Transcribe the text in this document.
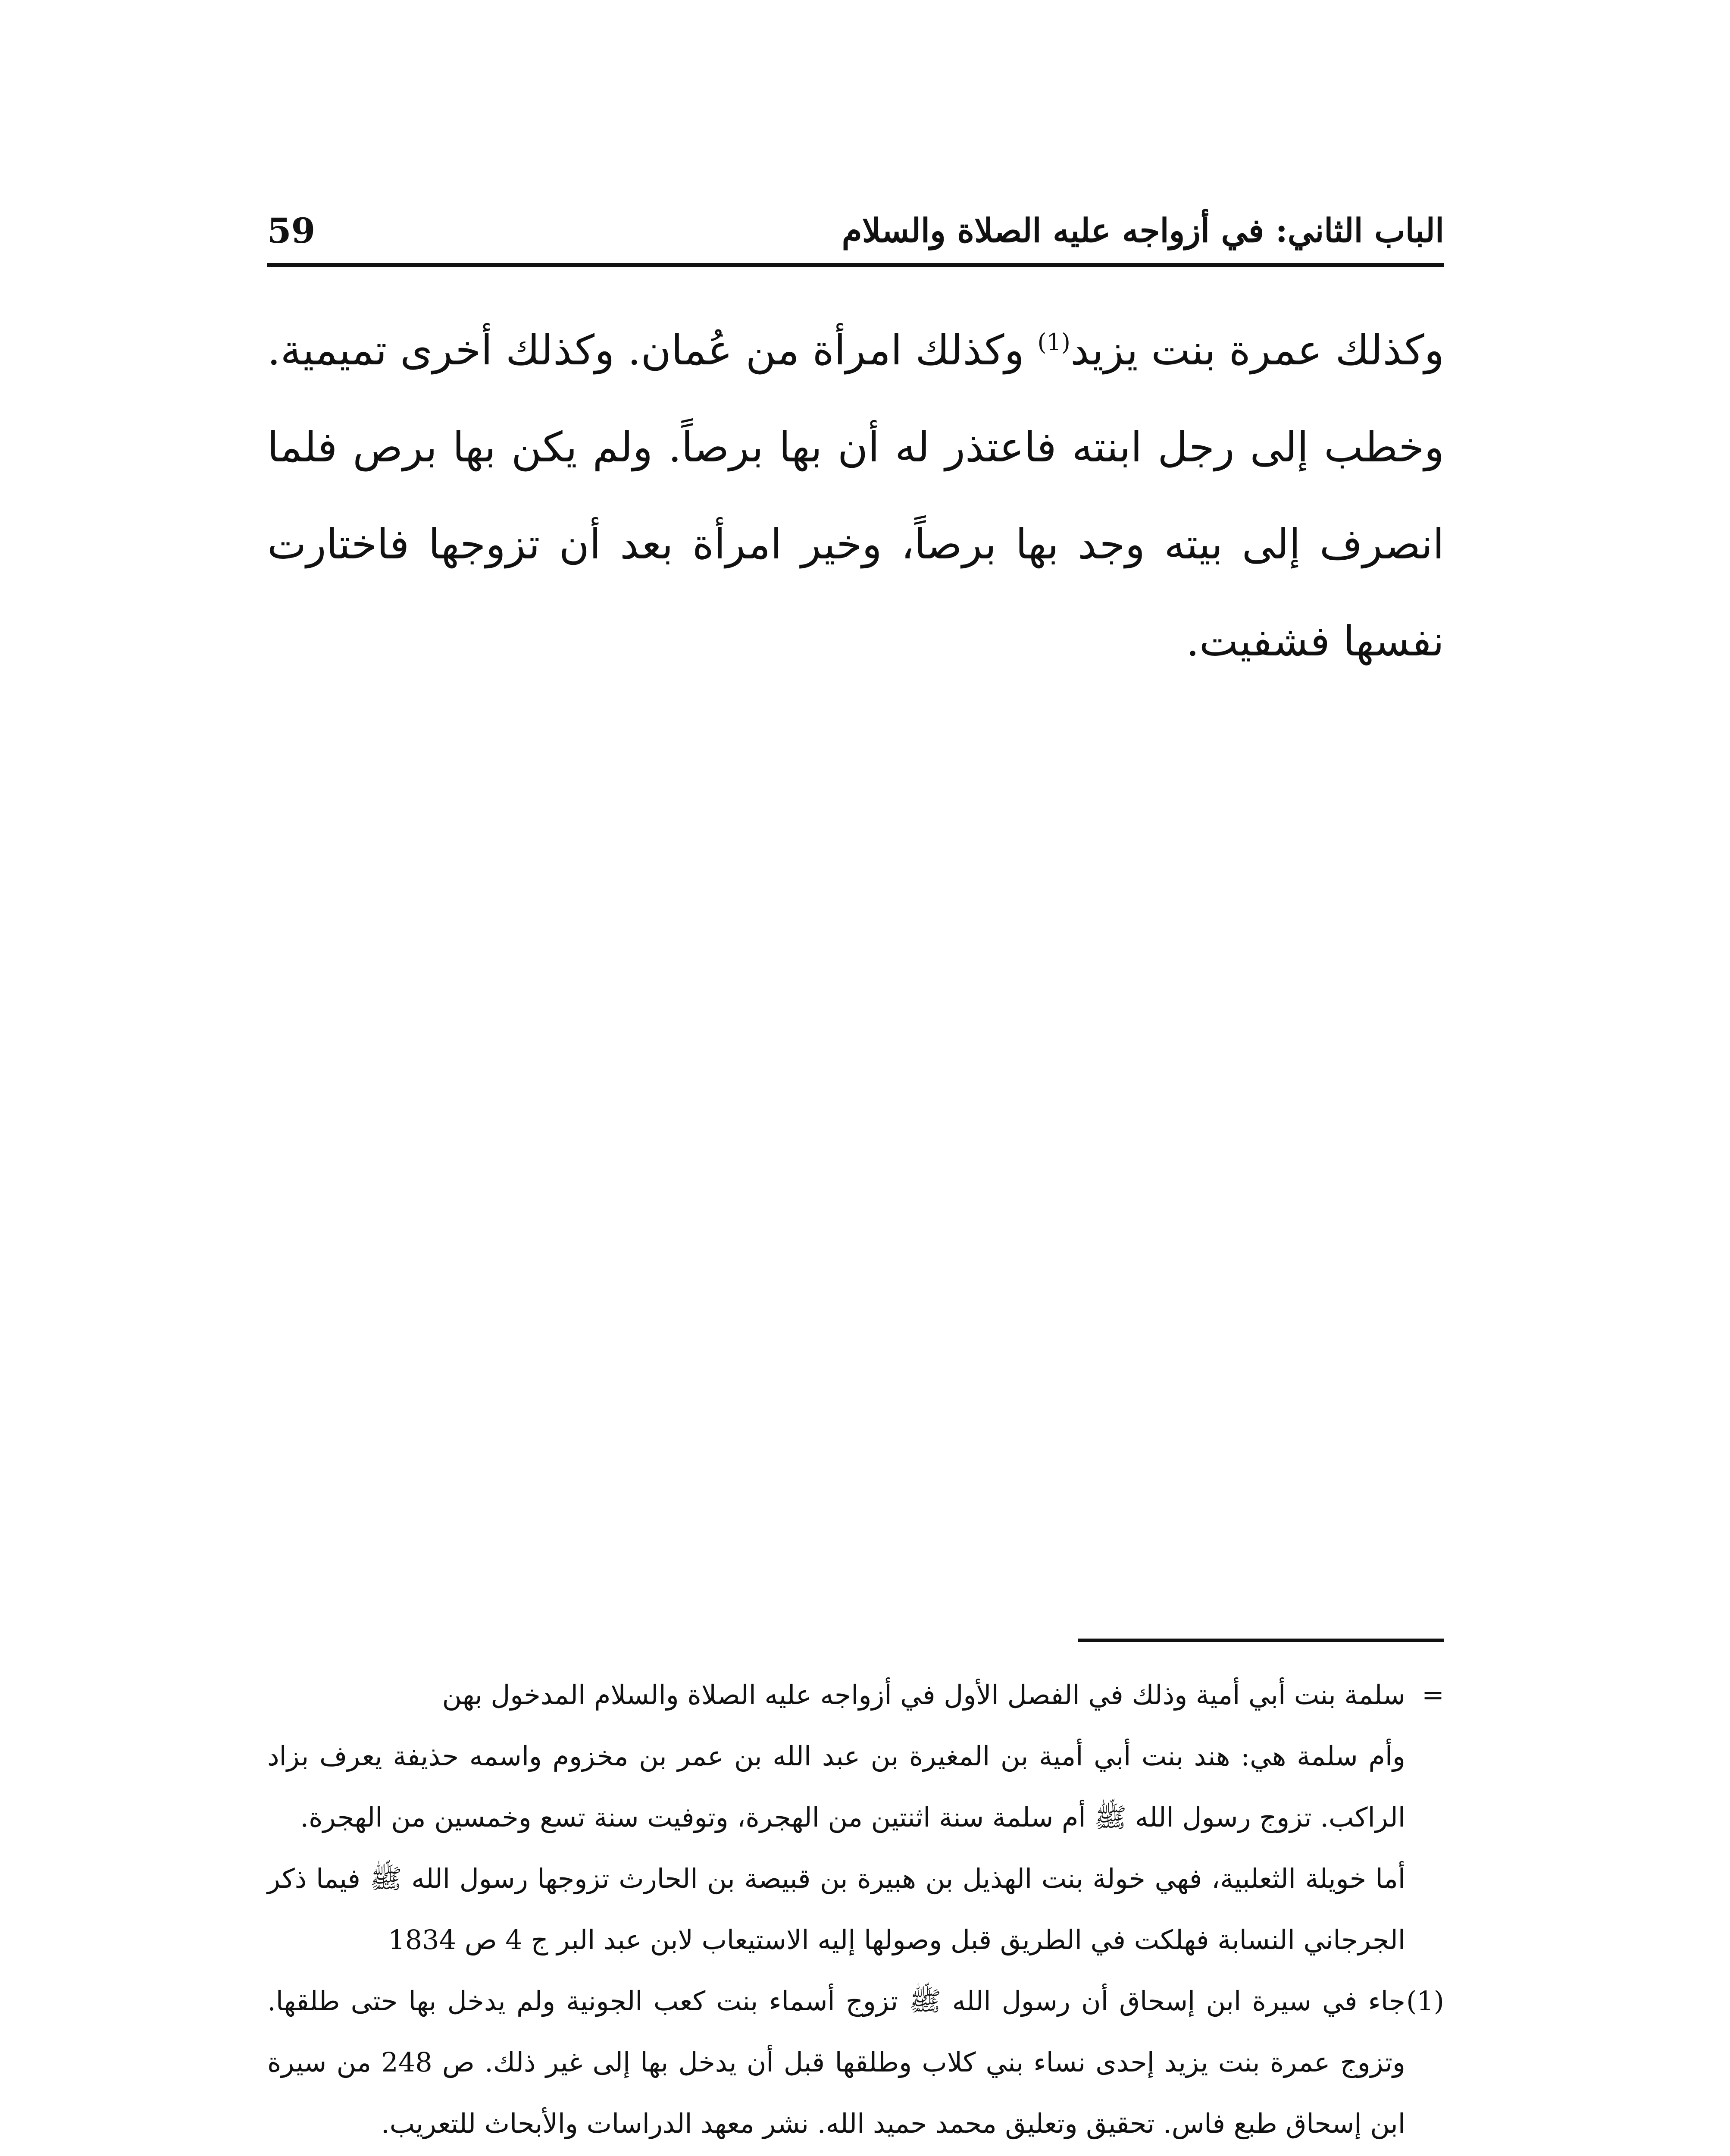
الباب الثاني: في أزواجه عليه الصلاة والسلام
59

وكذلك عمرة بنت يزيد$^{(1)}$ وكذلك امرأة من عُمان. وكذلك أخرى تميمية. وخطب إلى رجل ابنته فاعتذر له أن بها برصاً. ولم يكن بها برص فلما انصرف إلى بيته وجد بها برصاً، وخير امرأة بعد أن تزوجها فاختارت نفسها فشفيت.

=سلمة بنت أبي أمية وذلك في الفصل الأول في أزواجه عليه الصلاة والسلام المدخول بهن

وأم سلمة هي: هند بنت أبي أمية بن المغيرة بن عبد الله بن عمر بن مخزوم واسمه حذيفة يعرف بزاد الراكب. تزوج رسول الله ﷺ أم سلمة سنة اثنتين من الهجرة، وتوفيت سنة تسع وخمسين من الهجرة.

أما خويلة الثعلبية، فهي خولة بنت الهذيل بن هبيرة بن قبيصة بن الحارث تزوجها رسول الله ﷺ فيما ذكر الجرجاني النسابة فهلكت في الطريق قبل وصولها إليه الاستيعاب لابن عبد البر ج 4 ص 1834

(1)جاء في سيرة ابن إسحاق أن رسول الله ﷺ تزوج أسماء بنت كعب الجونية ولم يدخل بها حتى طلقها. وتزوج عمرة بنت يزيد إحدى نساء بني كلاب وطلقها قبل أن يدخل بها إلى غير ذلك. ص 248 من سيرة ابن إسحاق طبع فاس. تحقيق وتعليق محمد حميد الله. نشر معهد الدراسات والأبحاث للتعريب.
